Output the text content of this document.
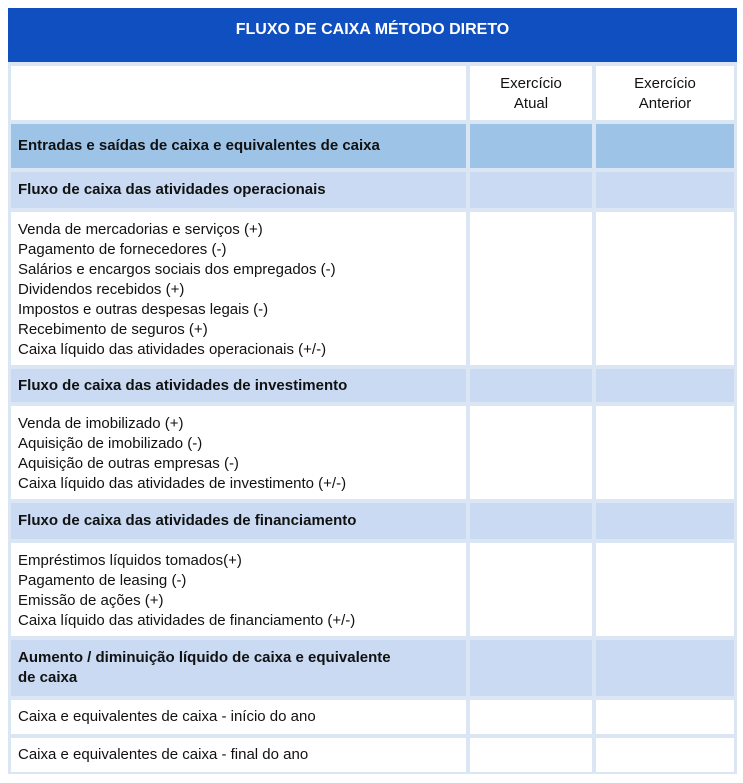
FLUXO DE CAIXA MÉTODO DIRETO
Exercício
Atual
Exercício
Anterior
Entradas e saídas de caixa e equivalentes de caixa
Fluxo de caixa das atividades operacionais
Venda de mercadorias e serviços (+)
Pagamento de fornecedores (-)
Salários e encargos sociais dos empregados (-)
Dividendos recebidos (+)
Impostos e outras despesas legais (-)
Recebimento de seguros (+)
Caixa líquido das atividades operacionais (+/-)
Fluxo de caixa das atividades de investimento
Venda de imobilizado (+)
Aquisição de imobilizado (-)
Aquisição de outras empresas (-)
Caixa líquido das atividades de investimento (+/-)
Fluxo de caixa das atividades de financiamento
Empréstimos líquidos tomados(+)
Pagamento de leasing (-)
Emissão de ações (+)
Caixa líquido das atividades de financiamento (+/-)
Aumento / diminuição líquido de caixa e equivalente
de caixa
Caixa e equivalentes de caixa - início do ano
Caixa e equivalentes de caixa - final do ano
